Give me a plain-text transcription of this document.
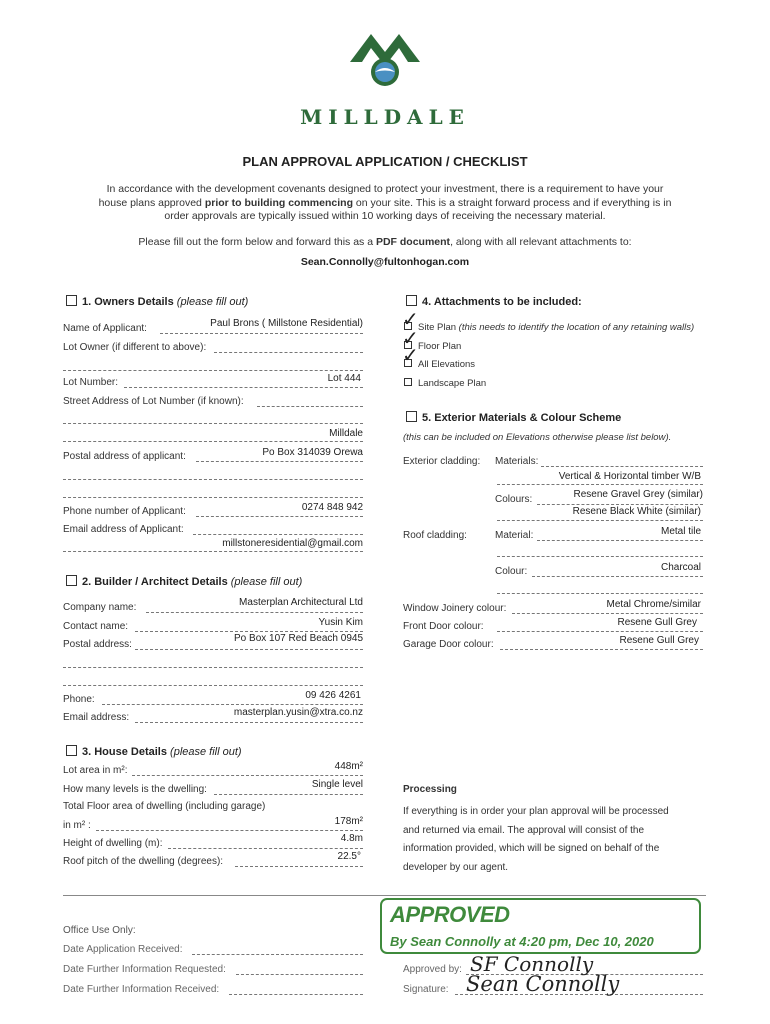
MILLDALE
PLAN APPROVAL APPLICATION / CHECKLIST
In accordance with the development covenants designed to protect your investment, there is a requirement to have your
house plans approved prior to building commencing on your site. This is a straight forward process and if everything is in
order approvals are typically issued within 10 working days of receiving the necessary material.
Please fill out the form below and forward this as a PDF document, along with all relevant attachments to:
Sean.Connolly@fultonhogan.com
1. Owners Details (please fill out)
Name of Applicant:	Paul Brons ( Millstone Residential)
Lot Owner (if different to above):
Lot Number:	Lot 444
Street Address of Lot Number (if known):
Milldale
Postal address of applicant:	Po Box 314039 Orewa
Phone number of Applicant:	0274 848 942
Email address of Applicant:
millstoneresidential@gmail.com
2. Builder / Architect Details (please fill out)
Company name:	Masterplan Architectural Ltd
Contact name:	Yusin Kim
Postal address:
Po Box 107 Red Beach 0945
Phone:	09 426 4261
Email address:	masterplan.yusin@xtra.co.nz
3. House Details (please fill out)
Lot area in m²:	448m²
How many levels is the dwelling:	Single level
Total Floor area of dwelling (including garage)
in m² :	178m²
Height of dwelling (m):	4.8m
Roof pitch of the dwelling (degrees):	22.5°
4. Attachments to be included:
✓ Site Plan (this needs to identify the location of any retaining walls)
✓ Floor Plan
✓ All Elevations
Landscape Plan
5. Exterior Materials & Colour Scheme
(this can be included on Elevations otherwise please list below).
Exterior cladding: Materials:
Vertical & Horizontal timber W/B
Colours:	Resene Gravel Grey (similar)
Resene Black White (similar)
Roof cladding:	Material:	Metal tile
Colour:	Charcoal
Window Joinery colour:	Metal Chrome/similar
Front Door colour:	Resene Gull Grey
Garage Door colour:	Resene Gull Grey
Processing
If everything is in order your plan approval will be processed
and returned via email. The approval will consist of the
information provided, which will be signed on behalf of the
developer by our agent.
Office Use Only:
Date Application Received:
Date Further Information Requested:
Date Further Information Received:
APPROVED
By Sean Connolly at 4:20 pm, Dec 10, 2020
Approved by: SF Connolly
Signature: Sean Connolly
